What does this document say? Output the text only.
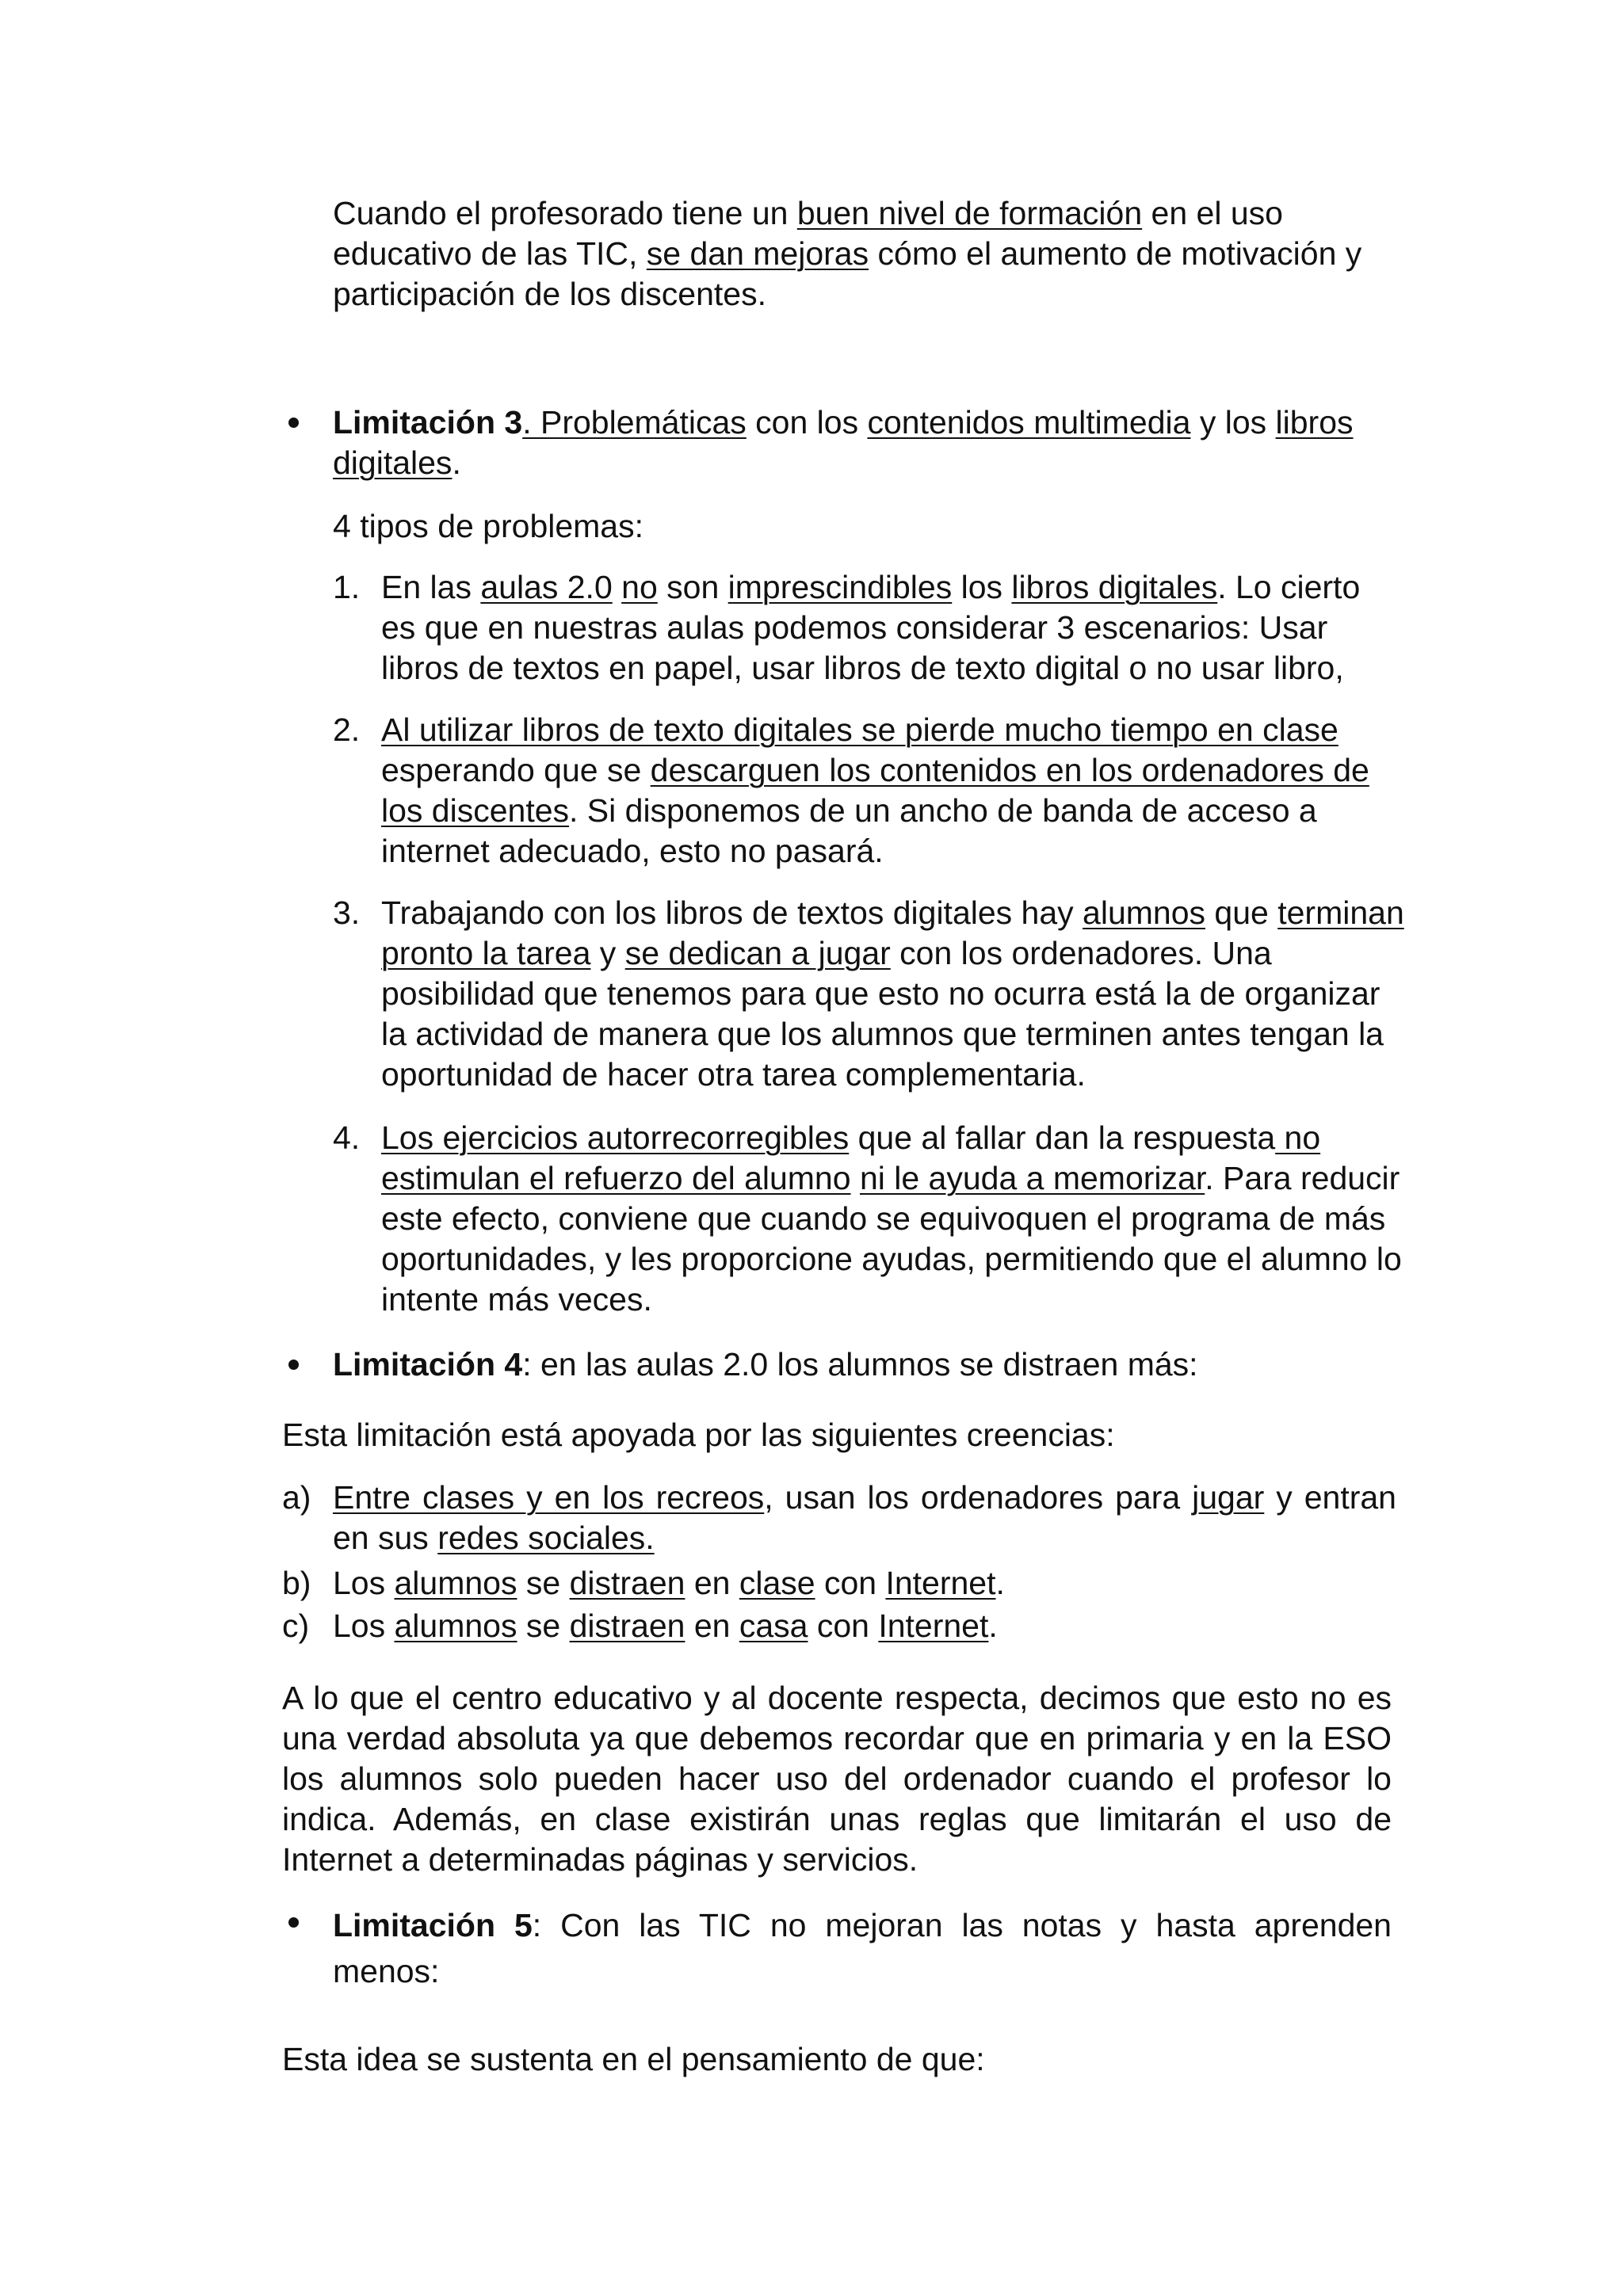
Cuando el profesorado tiene un buen nivel de formación en el uso educativo de las TIC, se dan mejoras cómo el aumento de motivación y participación de los discentes.
Limitación 3. Problemáticas con los contenidos multimedia y los libros digitales.
4 tipos de problemas:
1. En las aulas 2.0 no son imprescindibles los libros digitales. Lo cierto es que en nuestras aulas podemos considerar 3 escenarios: Usar libros de textos en papel, usar libros de texto digital o no usar libro,
2. Al utilizar libros de texto digitales se pierde mucho tiempo en clase esperando que se descarguen los contenidos en los ordenadores de los discentes. Si disponemos de un ancho de banda de acceso a internet adecuado, esto no pasará.
3. Trabajando con los libros de textos digitales hay alumnos que terminan pronto la tarea y se dedican a jugar con los ordenadores. Una posibilidad que tenemos para que esto no ocurra está la de organizar la actividad de manera que los alumnos que terminen antes tengan la oportunidad de hacer otra tarea complementaria.
4. Los ejercicios autorrecorregibles que al fallar dan la respuesta no estimulan el refuerzo del alumno ni le ayuda a memorizar. Para reducir este efecto, conviene que cuando se equivoquen el programa de más oportunidades, y les proporcione ayudas, permitiendo que el alumno lo intente más veces.
Limitación 4: en las aulas 2.0 los alumnos se distraen más:
Esta limitación está apoyada por las siguientes creencias:
a) Entre clases y en los recreos, usan los ordenadores para jugar y entran en sus redes sociales.
b) Los alumnos se distraen en clase con Internet.
c) Los alumnos se distraen en casa con Internet.
A lo que el centro educativo y al docente respecta, decimos que esto no es una verdad absoluta ya que debemos recordar que en primaria y en la ESO los alumnos solo pueden hacer uso del ordenador cuando el profesor lo indica. Además, en clase existirán unas reglas que limitarán el uso de Internet a determinadas páginas y servicios.
Limitación 5: Con las TIC no mejoran las notas y hasta aprenden menos:
Esta idea se sustenta en el pensamiento de que:
